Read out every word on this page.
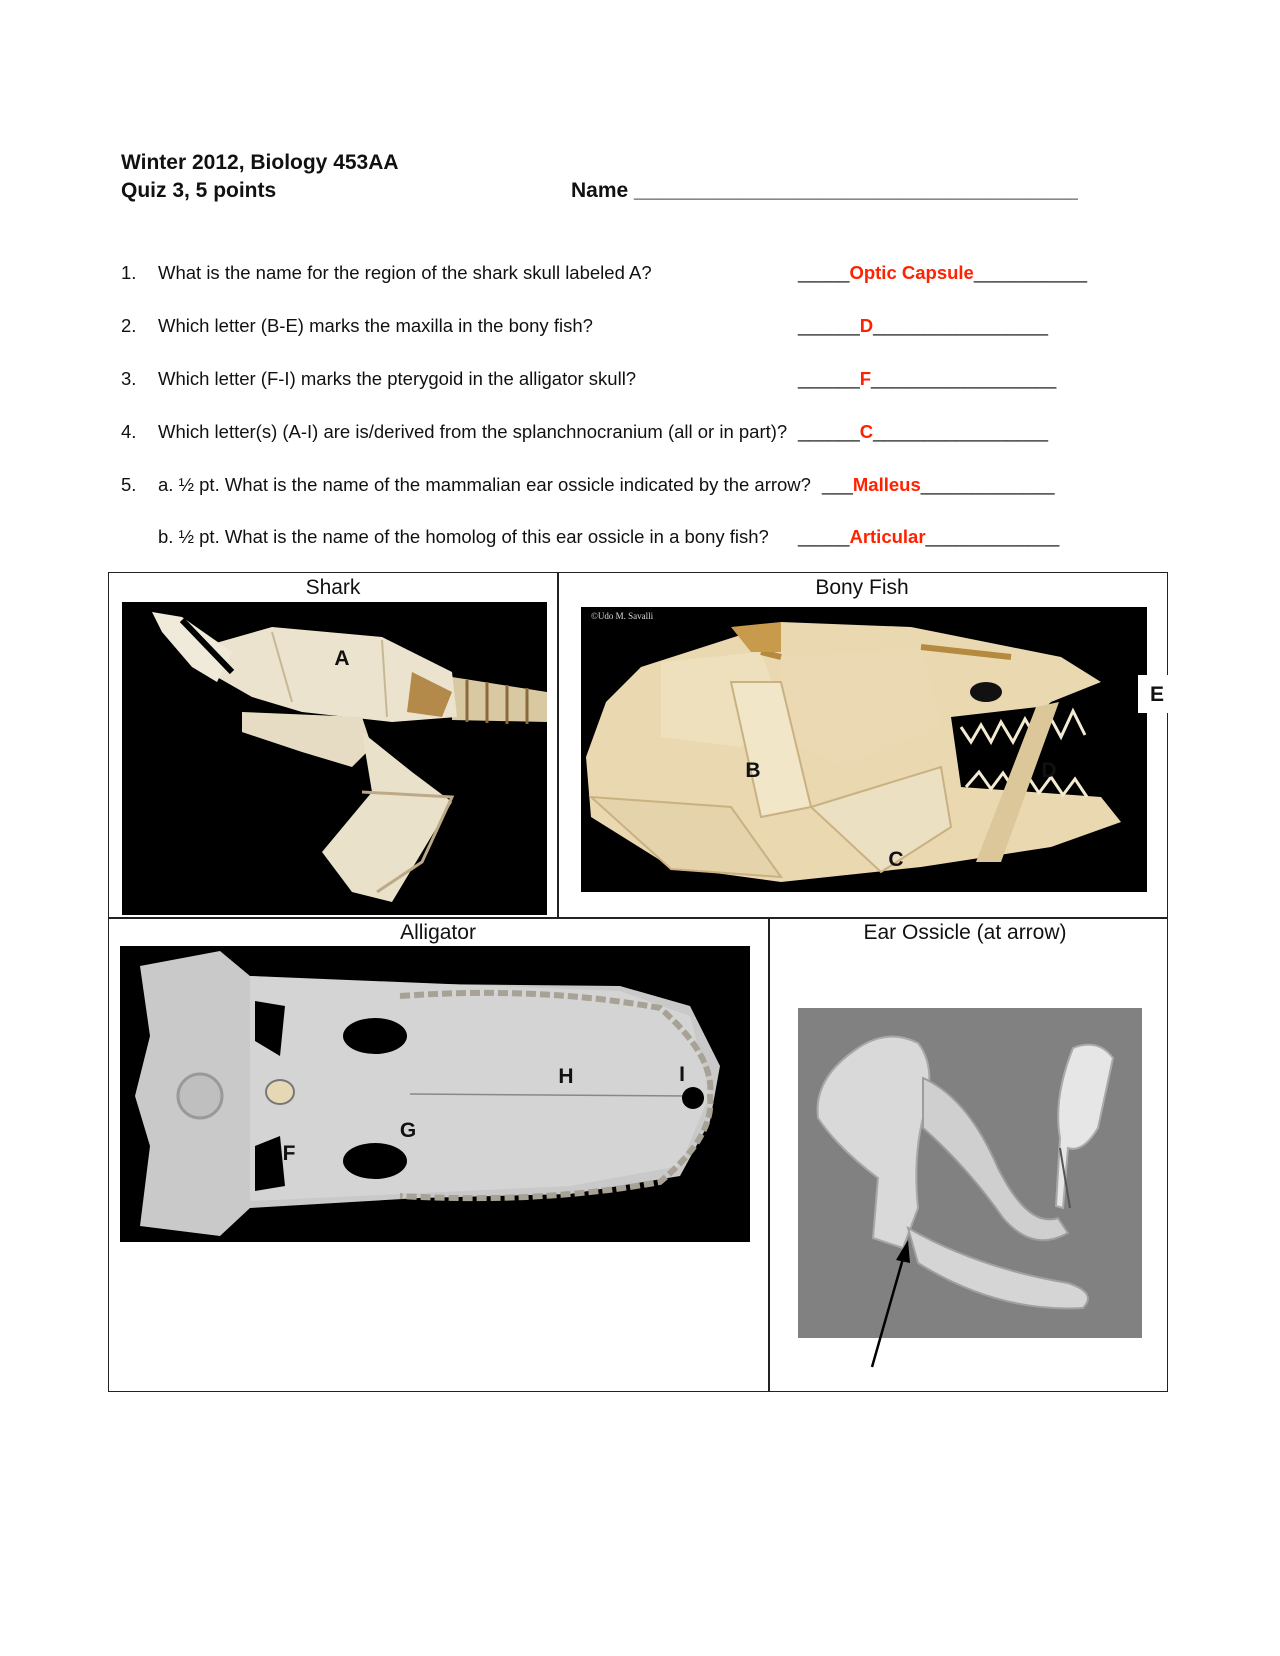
Winter 2012, Biology 453AA
Quiz 3, 5 points	Name ______________________________________
1. What is the name for the region of the shark skull labeled A?	_____Optic Capsule___________
2. Which letter (B-E) marks the maxilla in the bony fish?	______D_________________
3. Which letter (F-I) marks the pterygoid in the alligator skull?	______F__________________
4. Which letter(s) (A-I) are is/derived from the splanchnocranium (all or in part)? ______C_________________
5. a. ½ pt. What is the name of the mammalian ear ossicle indicated by the arrow? ___Malleus_____________
b. ½ pt. What is the name of the homolog of this ear ossicle in a bony fish? _____Articular_____________
Shark	Bony Fish
Alligator	Ear Ossicle (at arrow)
A
©Udo M. Savalli
E
B
C
D
F
G
H	I
